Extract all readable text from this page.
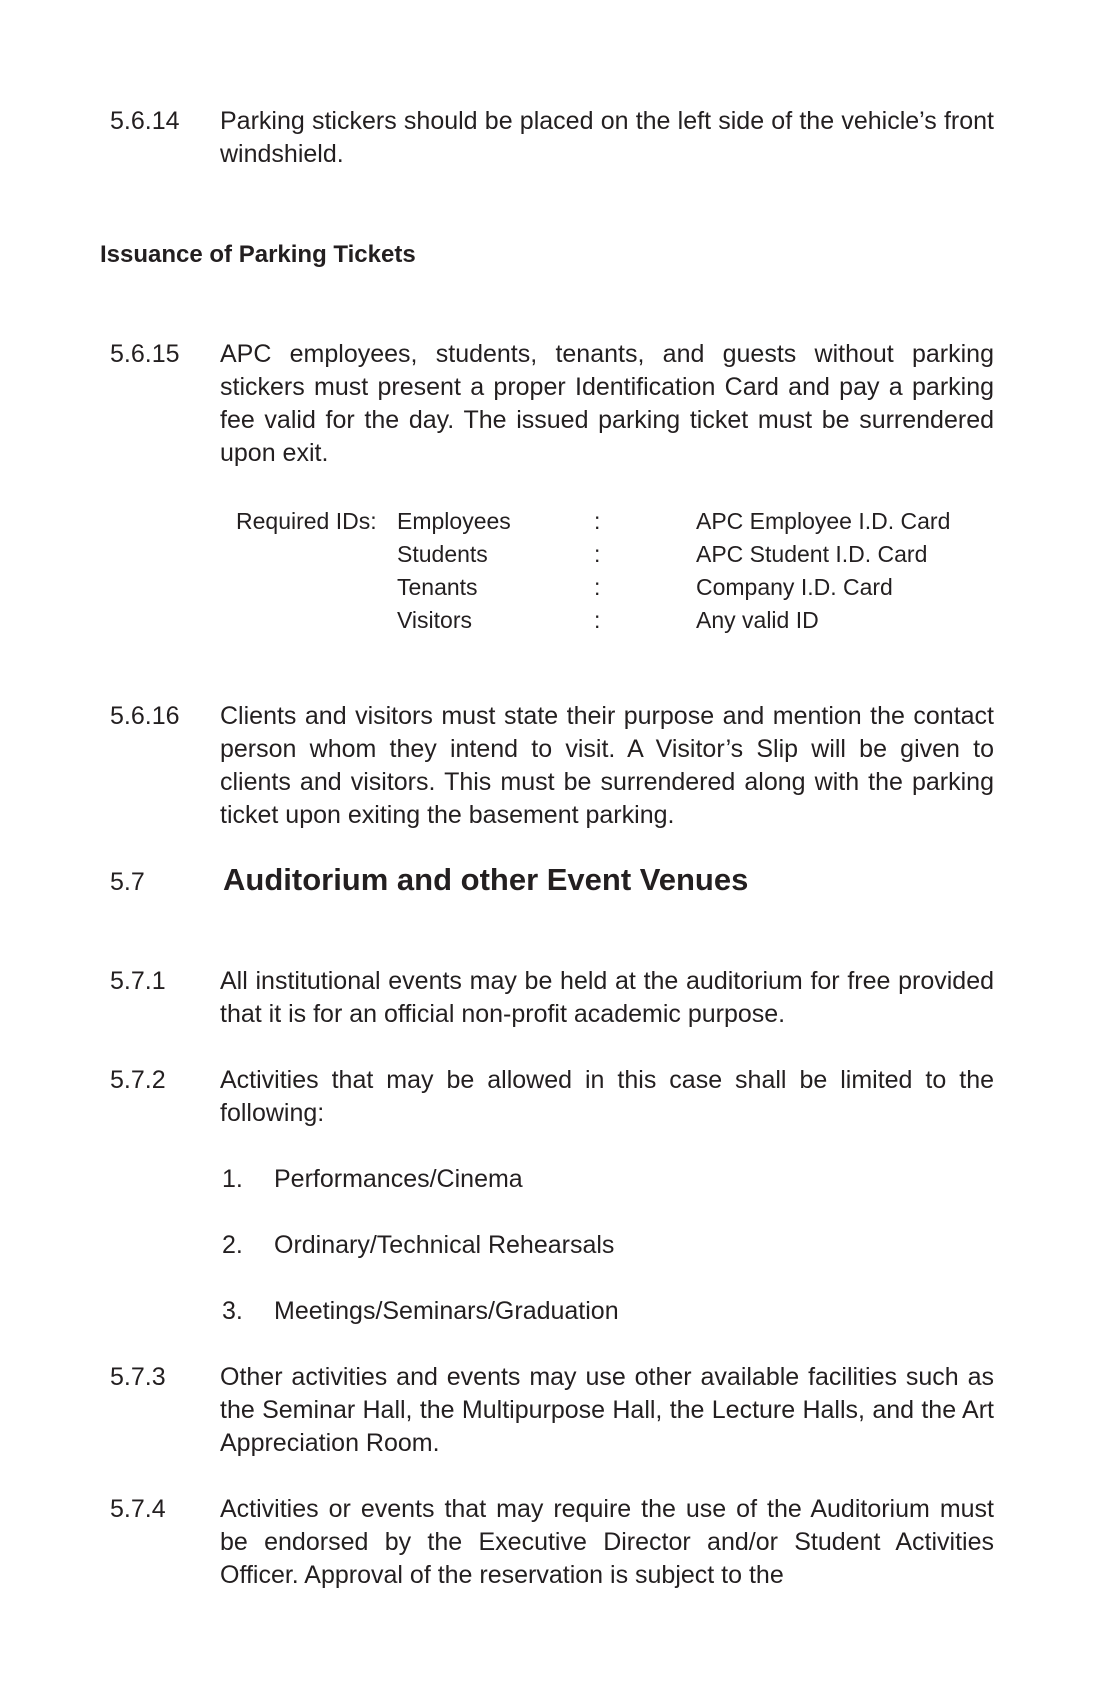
5.6.14	Parking stickers should be placed on the left side of the vehicle’s front windshield.
Issuance of Parking Tickets
5.6.15	APC employees, students, tenants, and guests without parking stickers must present a proper Identification Card and pay a parking fee valid for the day. The issued parking ticket must be surrendered upon exit.
Required IDs: Employees	:	APC Employee I.D. Card
Students	:	APC Student I.D. Card
Tenants	:	Company I.D. Card
Visitors	:	Any valid ID
5.6.16	Clients and visitors must state their purpose and mention the contact person whom they intend to visit. A Visitor’s Slip will be given to clients and visitors. This must be surrendered along with the parking ticket upon exiting the basement parking.
5.7	Auditorium and other Event Venues
5.7.1	All institutional events may be held at the auditorium for free provided that it is for an official non-profit academic purpose.
5.7.2	Activities that may be allowed in this case shall be limited to the following:
1. Performances/Cinema
2. Ordinary/Technical Rehearsals
3. Meetings/Seminars/Graduation
5.7.3	Other activities and events may use other available facilities such as the Seminar Hall, the Multipurpose Hall, the Lecture Halls, and the Art Appreciation Room.
5.7.4	Activities or events that may require the use of the Auditorium must be endorsed by the Executive Director and/or Student Activities Officer. Approval of the reservation is subject to the
